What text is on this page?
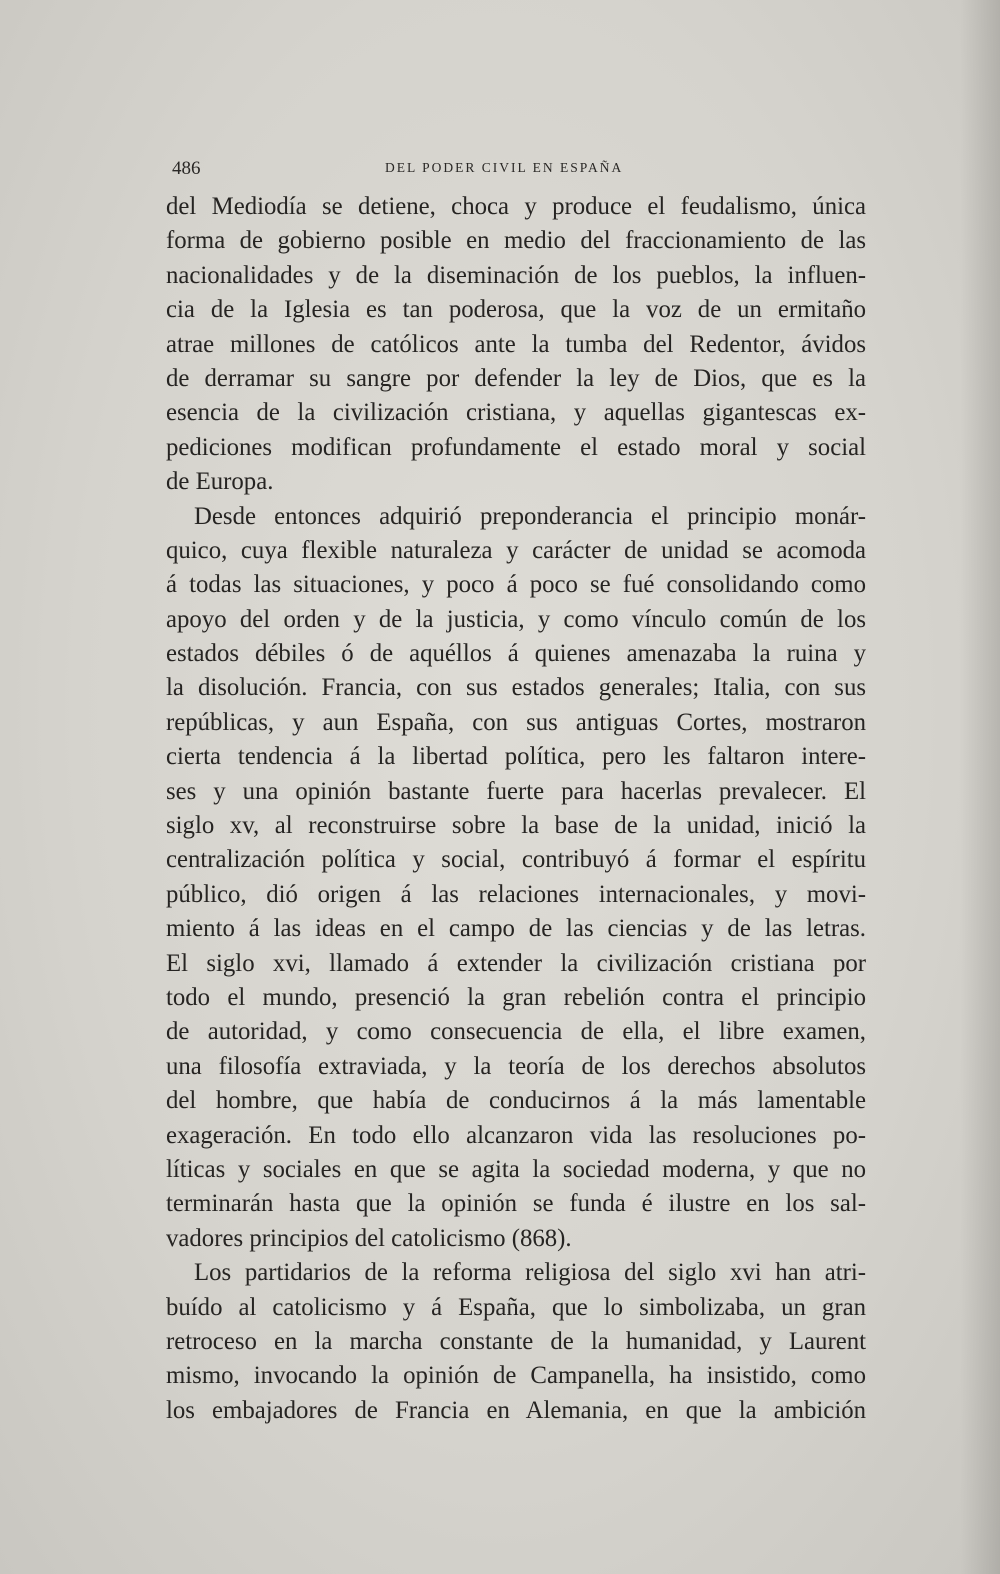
486	DEL PODER CIVIL EN ESPAÑA
del Mediodía se detiene, choca y produce el feudalismo, única
forma de gobierno posible en medio del fraccionamiento de las
nacionalidades y de la diseminación de los pueblos, la influen-
cia de la Iglesia es tan poderosa, que la voz de un ermitaño
atrae millones de católicos ante la tumba del Redentor, ávidos
de derramar su sangre por defender la ley de Dios, que es la
esencia de la civilización cristiana, y aquellas gigantescas ex-
pediciones modifican profundamente el estado moral y social
de Europa.
Desde entonces adquirió preponderancia el principio monár-
quico, cuya flexible naturaleza y carácter de unidad se acomoda
á todas las situaciones, y poco á poco se fué consolidando como
apoyo del orden y de la justicia, y como vínculo común de los
estados débiles ó de aquéllos á quienes amenazaba la ruina y
la disolución. Francia, con sus estados generales; Italia, con sus
repúblicas, y aun España, con sus antiguas Cortes, mostraron
cierta tendencia á la libertad política, pero les faltaron intere-
ses y una opinión bastante fuerte para hacerlas prevalecer. El
siglo xv, al reconstruirse sobre la base de la unidad, inició la
centralización política y social, contribuyó á formar el espíritu
público, dió origen á las relaciones internacionales, y movi-
miento á las ideas en el campo de las ciencias y de las letras.
El siglo xvi, llamado á extender la civilización cristiana por
todo el mundo, presenció la gran rebelión contra el principio
de autoridad, y como consecuencia de ella, el libre examen,
una filosofía extraviada, y la teoría de los derechos absolutos
del hombre, que había de conducirnos á la más lamentable
exageración. En todo ello alcanzaron vida las resoluciones po-
líticas y sociales en que se agita la sociedad moderna, y que no
terminarán hasta que la opinión se funda é ilustre en los sal-
vadores principios del catolicismo (868).
Los partidarios de la reforma religiosa del siglo xvi han atri-
buído al catolicismo y á España, que lo simbolizaba, un gran
retroceso en la marcha constante de la humanidad, y Laurent
mismo, invocando la opinión de Campanella, ha insistido, como
los embajadores de Francia en Alemania, en que la ambición
